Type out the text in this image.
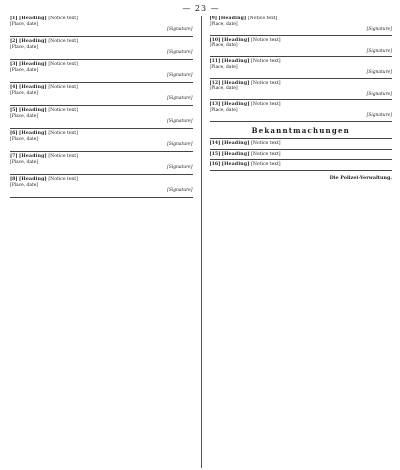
— 23 —
[1] [Heading] [Notice text]
[Place, date]
[Signature]
[2] [Heading] [Notice text]
[Place, date]
[Signature]
[3] [Heading] [Notice text]
[Place, date]
[Signature]
[4] [Heading] [Notice text]
[Place, date]
[Signature]
[5] [Heading] [Notice text]
[Place, date]
[Signature]
[6] [Heading] [Notice text]
[Place, date]
[Signature]
[7] [Heading] [Notice text]
[Place, date]
[Signature]
[8] [Heading] [Notice text]
[Place, date]
[Signature]
[9] [Heading] [Notice text]
[Place, date]
[Signature]
[10] [Heading] [Notice text]
[Place, date]
[Signature]
[11] [Heading] [Notice text]
[Place, date]
[Signature]
[12] [Heading] [Notice text]
[Place, date]
[Signature]
[13] [Heading] [Notice text]
[Place, date]
[Signature]
Bekanntmachungen
[14] [Heading] [Notice text]
[15] [Heading] [Notice text]
[16] [Heading] [Notice text]
Die Polizei-Verwaltung.
